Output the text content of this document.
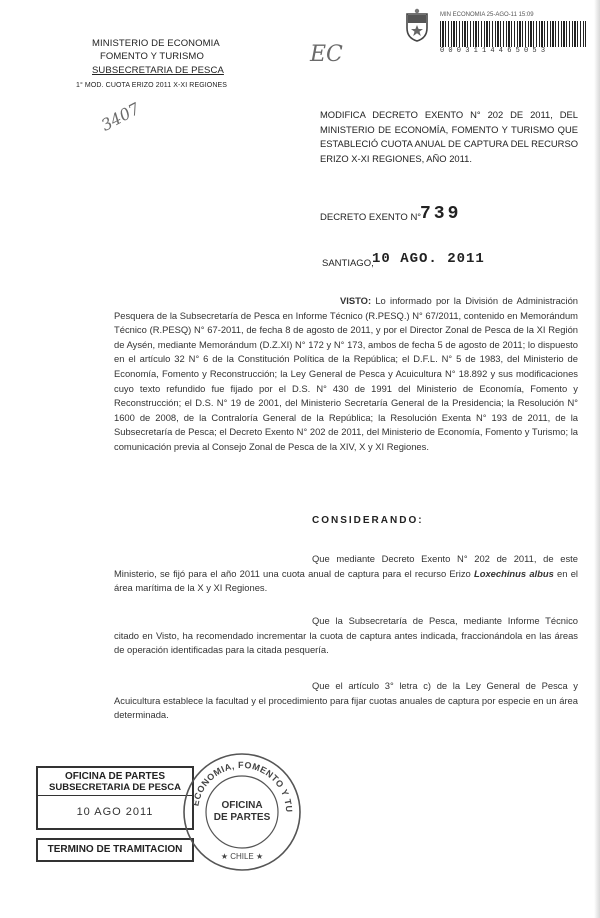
MIN ECONOMIA 25-AGO-11 15:09
0 0 0 3 1 1 4 4 6 5 0 5 3
MINISTERIO DE ECONOMIA
FOMENTO Y TURISMO
SUBSECRETARIA DE PESCA
1° MOD. CUOTA ERIZO 2011 X-XI REGIONES
EC
3407	MODIFICA DECRETO EXENTO N° 202 DE 2011, DEL MINISTERIO DE ECONOMÍA, FOMENTO Y TURISMO QUE ESTABLECIÓ CUOTA ANUAL DE CAPTURA DEL RECURSO ERIZO X-XI REGIONES, AÑO 2011.
DECRETO EXENTO N°
739
SANTIAGO,
10 AGO. 2011
VISTO: Lo informado por la División de Administración Pesquera de la Subsecretaría de Pesca en Informe Técnico (R.PESQ.) N° 67/2011, contenido en Memorándum Técnico (R.PESQ) N° 67-2011, de fecha 8 de agosto de 2011, y por el Director Zonal de Pesca de la XI Región de Aysén, mediante Memorándum (D.Z.XI) N° 172 y N° 173, ambos de fecha 5 de agosto de 2011; lo dispuesto en el artículo 32 N° 6 de la Constitución Política de la República; el D.F.L. N° 5 de 1983, del Ministerio de Economía, Fomento y Reconstrucción; la Ley General de Pesca y Acuicultura N° 18.892 y sus modificaciones cuyo texto refundido fue fijado por el D.S. N° 430 de 1991 del Ministerio de Economía, Fomento y Reconstrucción; el D.S. N° 19 de 2001, del Ministerio Secretaría General de la Presidencia; la Resolución N° 1600 de 2008, de la Contraloría General de la República; la Resolución Exenta N° 193 de 2011, de la Subsecretaría de Pesca; el Decreto Exento N° 202 de 2011, del Ministerio de Economía, Fomento y Turismo; la comunicación previa al Consejo Zonal de Pesca de la XIV, X y XI Regiones.
CONSIDERANDO:
Que mediante Decreto Exento N° 202 de 2011, de este Ministerio, se fijó para el año 2011 una cuota anual de captura para el recurso Erizo Loxechinus albus en el área marítima de la X y XI Regiones.
Que la Subsecretaría de Pesca, mediante Informe Técnico citado en Visto, ha recomendado incrementar la cuota de captura antes indicada, fraccionándola en las áreas de operación identificadas para la citada pesquería.
Que el artículo 3° letra c) de la Ley General de Pesca y Acuicultura establece la facultad y el procedimiento para fijar cuotas anuales de captura por especie en un área determinada.
OFICINA DE PARTES
SUBSECRETARIA DE PESCA
10 AGO 2011
TERMINO DE TRAMITACION
ECONOMIA, FOMENTO Y TU
OFICINA
DE PARTES
★ CHILE ★
